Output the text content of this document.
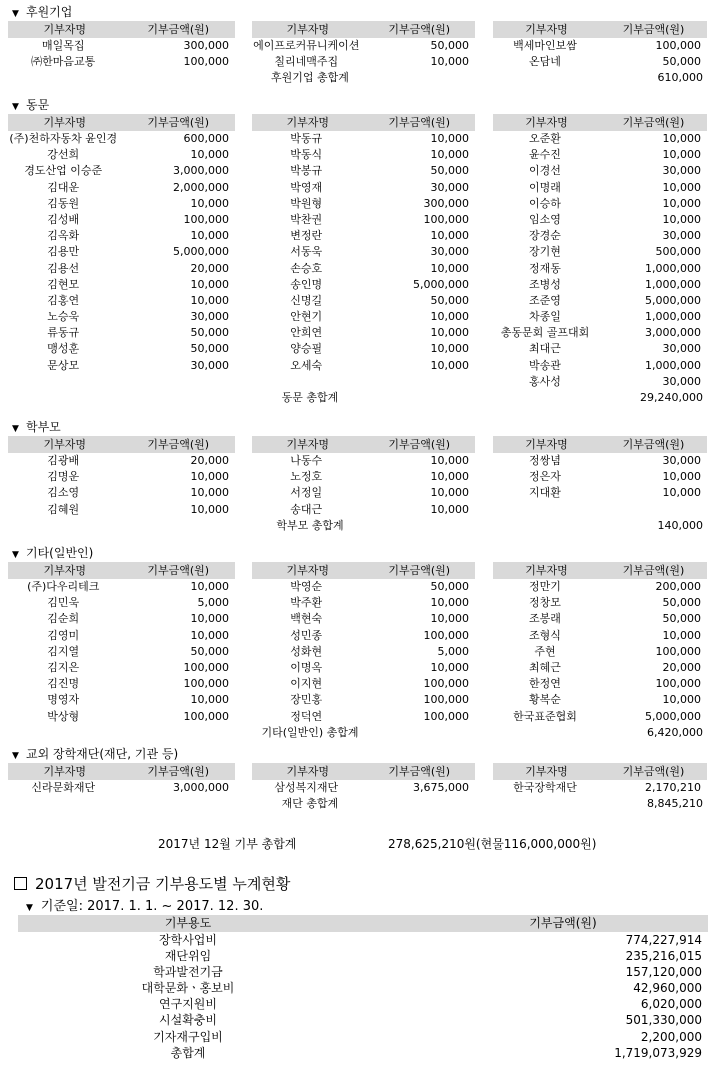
▼ 후원기업
기부자명	기부금액(원)
매일목집	300,000
㈜한마음교통	100,000
기부자명	기부금액(원)
에이프로커뮤니케이션	50,000
칠리네맥주집	10,000
기부자명	기부금액(원)
백세마인보쌈	100,000
온담네	50,000
후원기업 총합계	610,000
▼ 동문
기부자명	기부금액(원)
(주)천하자동차 윤인경	600,000
강선희	10,000
경도산업 이승준	3,000,000
김대운	2,000,000
김동원	10,000
김성배	100,000
김옥화	10,000
김용만	5,000,000
김용선	20,000
김현모	10,000
김홍연	10,000
노승욱	30,000
류동규	50,000
맹성훈	50,000
문상모	30,000
기부자명	기부금액(원)
박동규	10,000
박동식	10,000
박봉규	50,000
박영재	30,000
박원형	300,000
박찬권	100,000
변정란	10,000
서동욱	30,000
손승호	10,000
송인명	5,000,000
신명길	50,000
안현기	10,000
안희연	10,000
양승필	10,000
오세숙	10,000
기부자명	기부금액(원)
오준환	10,000
윤수진	10,000
이경선	30,000
이명래	10,000
이승하	10,000
임소영	10,000
장경순	30,000
장기현	500,000
정재동	1,000,000
조병성	1,000,000
조준영	5,000,000
차종일	1,000,000
총동문회 골프대회	3,000,000
최대근	30,000
박송관	1,000,000
홍사성	30,000
동문 총합계	29,240,000
▼ 학부모
기부자명	기부금액(원)
김광배	20,000
김명운	10,000
김소영	10,000
김혜원	10,000
기부자명	기부금액(원)
나동수	10,000
노정호	10,000
서정일	10,000
송대근	10,000
기부자명	기부금액(원)
정쌍념	30,000
정은자	10,000
지대환	10,000
학부모 총합계	140,000
▼ 기타(일반인)
기부자명	기부금액(원)
(주)다우리테크	10,000
김민욱	5,000
김순희	10,000
김영미	10,000
김지열	50,000
김지은	100,000
김진명	100,000
명영자	10,000
박상형	100,000
기부자명	기부금액(원)
박영순	50,000
박주환	10,000
백현숙	10,000
성민종	100,000
성화현	5,000
이명옥	10,000
이지현	100,000
장민홍	100,000
정덕연	100,000
기부자명	기부금액(원)
정만기	200,000
정창모	50,000
조봉래	50,000
조형식	10,000
주현	100,000
최혜근	20,000
한정연	100,000
황복순	10,000
한국표준협회	5,000,000
기타(일반인) 총합계	6,420,000
▼ 교외 장학재단(재단, 기관 등)
기부자명	기부금액(원)
신라문화재단	3,000,000
기부자명	기부금액(원)
삼성복지재단	3,675,000
기부자명	기부금액(원)
한국장학재단	2,170,210
재단 총합계	8,845,210
2017년 12월 기부 총합계	278,625,210원(현물116,000,000원)
2017년 발전기금 기부용도별 누계현황
▼ 기준일: 2017. 1. 1. ~ 2017. 12. 30.
기부용도	기부금액(원)
장학사업비	774,227,914
재단위임	235,216,015
학과발전기금	157,120,000
대학문화ㆍ홍보비	42,960,000
연구지원비	6,020,000
시설확충비	501,330,000
기자재구입비	2,200,000
총합계	1,719,073,929
